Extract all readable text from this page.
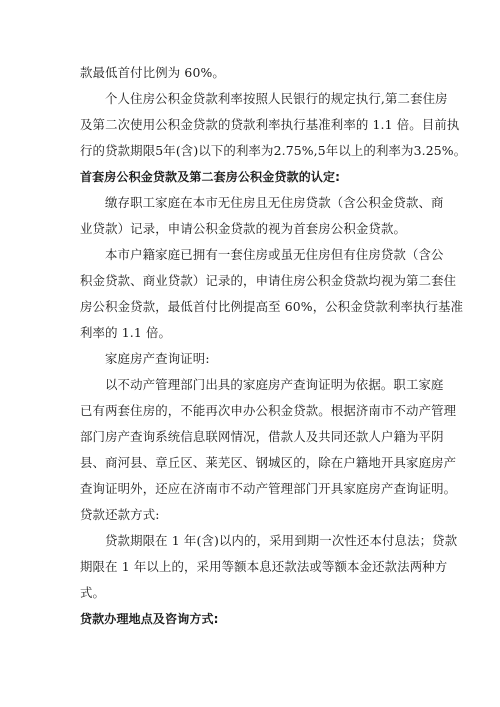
款最低首付比例为 60%。
个人住房公积金贷款利率按照人民银行的规定执行,第二套住房
及第二次使用公积金贷款的贷款利率执行基准利率的 1.1 倍。目前执
行的贷款期限5年(含)以下的利率为2.75%,5年以上的利率为3.25%。
首套房公积金贷款及第二套房公积金贷款的认定:
缴存职工家庭在本市无住房且无住房贷款（含公积金贷款、商
业贷款）记录，申请公积金贷款的视为首套房公积金贷款。
本市户籍家庭已拥有一套住房或虽无住房但有住房贷款（含公
积金贷款、商业贷款）记录的，申请住房公积金贷款均视为第二套住
房公积金贷款，最低首付比例提高至 60%，公积金贷款利率执行基准
利率的 1.1 倍。
家庭房产查询证明:
以不动产管理部门出具的家庭房产查询证明为依据。职工家庭
已有两套住房的，不能再次申办公积金贷款。根据济南市不动产管理
部门房产查询系统信息联网情况，借款人及共同还款人户籍为平阴
县、商河县、章丘区、莱芜区、钢城区的，除在户籍地开具家庭房产
查询证明外，还应在济南市不动产管理部门开具家庭房产查询证明。
贷款还款方式:
贷款期限在 1 年(含)以内的，采用到期一次性还本付息法；贷款
期限在 1 年以上的，采用等额本息还款法或等额本金还款法两种方
式。
贷款办理地点及咨询方式:
